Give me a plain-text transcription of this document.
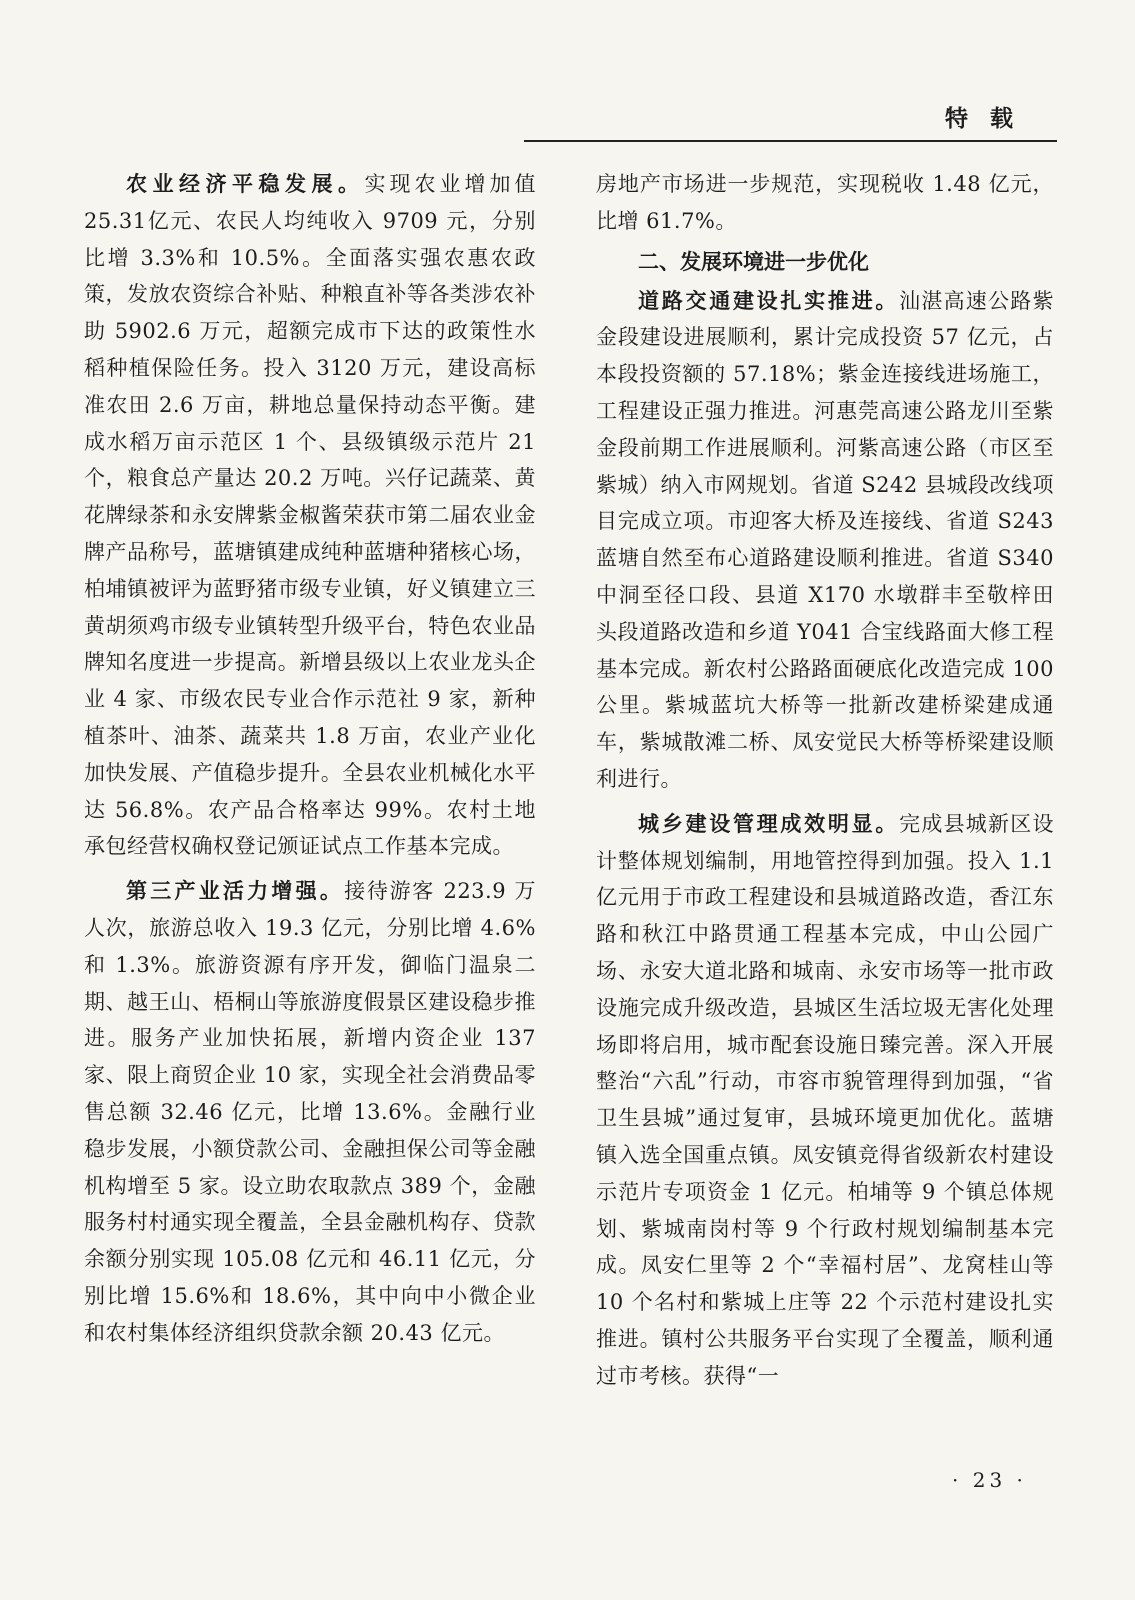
特载

农业经济平稳发展。实现农业增加值25.31亿元、农民人均纯收入 9709 元，分别比增 3.3%和 10.5%。全面落实强农惠农政策，发放农资综合补贴、种粮直补等各类涉农补助 5902.6 万元，超额完成市下达的政策性水稻种植保险任务。投入 3120 万元，建设高标准农田 2.6 万亩，耕地总量保持动态平衡。建成水稻万亩示范区 1 个、县级镇级示范片 21 个，粮食总产量达 20.2 万吨。兴仔记蔬菜、黄花牌绿茶和永安牌紫金椒酱荣获市第二届农业金牌产品称号，蓝塘镇建成纯种蓝塘种猪核心场，柏埔镇被评为蓝野猪市级专业镇，好义镇建立三黄胡须鸡市级专业镇转型升级平台，特色农业品牌知名度进一步提高。新增县级以上农业龙头企业 4 家、市级农民专业合作示范社 9 家，新种植茶叶、油茶、蔬菜共 1.8 万亩，农业产业化加快发展、产值稳步提升。全县农业机械化水平达 56.8%。农产品合格率达 99%。农村土地承包经营权确权登记颁证试点工作基本完成。

第三产业活力增强。接待游客 223.9 万人次，旅游总收入 19.3 亿元，分别比增 4.6%和 1.3%。旅游资源有序开发，御临门温泉二期、越王山、梧桐山等旅游度假景区建设稳步推进。服务产业加快拓展，新增内资企业 137 家、限上商贸企业 10 家，实现全社会消费品零售总额 32.46 亿元，比增 13.6%。金融行业稳步发展，小额贷款公司、金融担保公司等金融机构增至 5 家。设立助农取款点 389 个，金融服务村村通实现全覆盖，全县金融机构存、贷款余额分别实现 105.08 亿元和 46.11 亿元，分别比增 15.6%和 18.6%，其中向中小微企业和农村集体经济组织贷款余额 20.43 亿元。

房地产市场进一步规范，实现税收 1.48 亿元，比增 61.7%。

二、发展环境进一步优化

道路交通建设扎实推进。汕湛高速公路紫金段建设进展顺利，累计完成投资 57 亿元，占本段投资额的 57.18%；紫金连接线进场施工，工程建设正强力推进。河惠莞高速公路龙川至紫金段前期工作进展顺利。河紫高速公路（市区至紫城）纳入市网规划。省道 S242 县城段改线项目完成立项。市迎客大桥及连接线、省道 S243 蓝塘自然至布心道路建设顺利推进。省道 S340 中洞至径口段、县道 X170 水墩群丰至敬梓田头段道路改造和乡道 Y041 合宝线路面大修工程基本完成。新农村公路路面硬底化改造完成 100 公里。紫城蓝坑大桥等一批新改建桥梁建成通车，紫城散滩二桥、凤安觉民大桥等桥梁建设顺利进行。

城乡建设管理成效明显。完成县城新区设计整体规划编制，用地管控得到加强。投入 1.1 亿元用于市政工程建设和县城道路改造，香江东路和秋江中路贯通工程基本完成，中山公园广场、永安大道北路和城南、永安市场等一批市政设施完成升级改造，县城区生活垃圾无害化处理场即将启用，城市配套设施日臻完善。深入开展整治“六乱”行动，市容市貌管理得到加强，“省卫生县城”通过复审，县城环境更加优化。蓝塘镇入选全国重点镇。凤安镇竞得省级新农村建设示范片专项资金 1 亿元。柏埔等 9 个镇总体规划、紫城南岗村等 9 个行政村规划编制基本完成。凤安仁里等 2 个“幸福村居”、龙窝桂山等 10 个名村和紫城上庄等 22 个示范村建设扎实推进。镇村公共服务平台实现了全覆盖，顺利通过市考核。获得“一

· 23 ·
